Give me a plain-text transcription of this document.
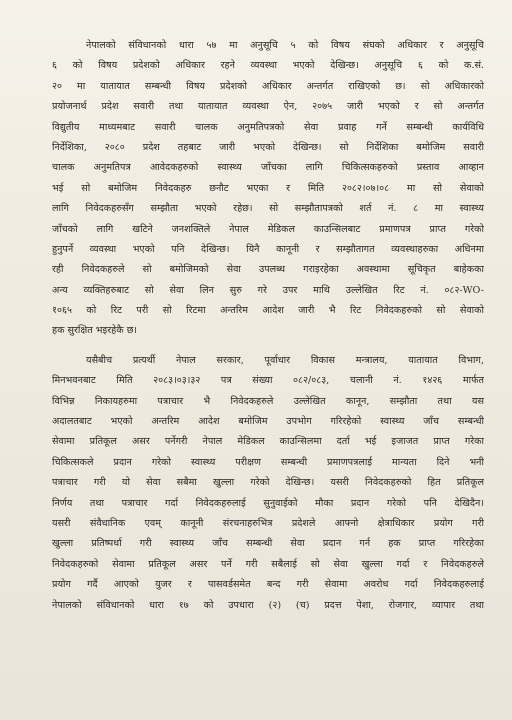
नेपालको संविधानको धारा ५७ मा अनुसूचि ५ को विषय संघको अधिकार र अनुसूचि
६ को विषय प्रदेशको अधिकार रहने व्यवस्था भएको देखिन्छ। अनुसूचि ६ को क.सं.
२० मा यातायात सम्बन्धी विषय प्रदेशको अधिकार अन्तर्गत राखिएको छ। सो अधिकारको
प्रयोजनार्थ प्रदेश सवारी तथा यातायात व्यवस्था ऐन, २०७५ जारी भएको र सो अन्तर्गत
विद्युतीय माध्यमबाट सवारी चालक अनुमतिपत्रको सेवा प्रवाह गर्ने सम्बन्धी कार्यविधि
निर्देशिका, २०८० प्रदेश तहबाट जारी भएको देखिन्छ। सो निर्देशिका बमोजिम सवारी
चालक अनुमतिपत्र आवेदकहरुको स्वास्थ्य जाँचका लागि चिकित्सकहरुको प्रस्ताव आव्हान
भई सो बमोजिम निवेदकहरु छनौट भएका र मिति २०८२।०७।०८ मा सो सेवाको
लागि निवेदकहरुसँग सम्झौता भएको रहेछ। सो सम्झौतापत्रको शर्त नं. ८ मा स्वास्थ्य
जाँचको लागि खटिने जनशक्तिले नेपाल मेडिकल काउन्सिलबाट प्रमाणपत्र प्राप्त गरेको
हुनुपर्ने व्यवस्था भएको पनि देखिन्छ। यिनै कानूनी र सम्झौतागत व्यवस्थाहरुका अधिनमा
रही निवेदकहरुले सो बमोजिमको सेवा उपलब्ध गराइरहेका अवस्थामा सूचिकृत बाहेकका
अन्य व्यक्तिहरुबाट सो सेवा लिन सुरु गरे उपर माथि उल्लेखित रिट नं. ०८२-WO-
१०६५ को रिट परी सो रिटमा अन्तरिम आदेश जारी भै रिट निवेदकहरुको सो सेवाको
हक सुरक्षित भइरहेकै छ।
यसैबीच प्रत्यर्थी नेपाल सरकार, पूर्वाधार विकास मन्त्रालय, यातायात विभाग,
मिनभवनबाट मिति २०८३।०३।३२ पत्र संख्या ०८२/०८३, चलानी नं. १४२६ मार्फत
विभिन्न निकायहरुमा पत्राचार भै निवेदकहरुले उल्लेखित कानून, सम्झौता तथा यस
अदालतबाट भएको अन्तरिम आदेश बमोजिम उपभोग गरिरहेको स्वास्थ्य जाँच सम्बन्धी
सेवामा प्रतिकूल असर पर्नेगरी नेपाल मेडिकल काउन्सिलमा दर्ता भई इजाजत प्राप्त गरेका
चिकित्सकले प्रदान गरेको स्वास्थ्य परीक्षण सम्बन्धी प्रमाणपत्रलाई मान्यता दिने भनी
पत्राचार गरी यो सेवा सबैमा खुल्ला गरेको देखिन्छ। यसरी निवेदकहरुको हित प्रतिकूल
निर्णय तथा पत्राचार गर्दा निवेदकहरुलाई सुनुवाईको मौका प्रदान गरेको पनि देखिदैन।
यसरी संवैधानिक एवम् कानूनी संरचनाहरुभित्र प्रदेशले आफ्नो क्षेत्राधिकार प्रयोग गरी
खुल्ला प्रतिष्पर्धा गरी स्वास्थ्य जाँच सम्बन्धी सेवा प्रदान गर्न हक प्राप्त गरिरहेका
निवेदकहरुको सेवामा प्रतिकूल असर पर्ने गरी सबैलाई सो सेवा खुल्ला गर्दा र निवेदकहरुले
प्रयोग गर्दै आएको युजर र पासवर्डसमेत बन्द गरी सेवामा अवरोध गर्दा निवेदकहरुलाई
नेपालको संविधानको धारा १७ को उपधारा (२) (च) प्रदत्त पेशा, रोजगार, व्यापार तथा
